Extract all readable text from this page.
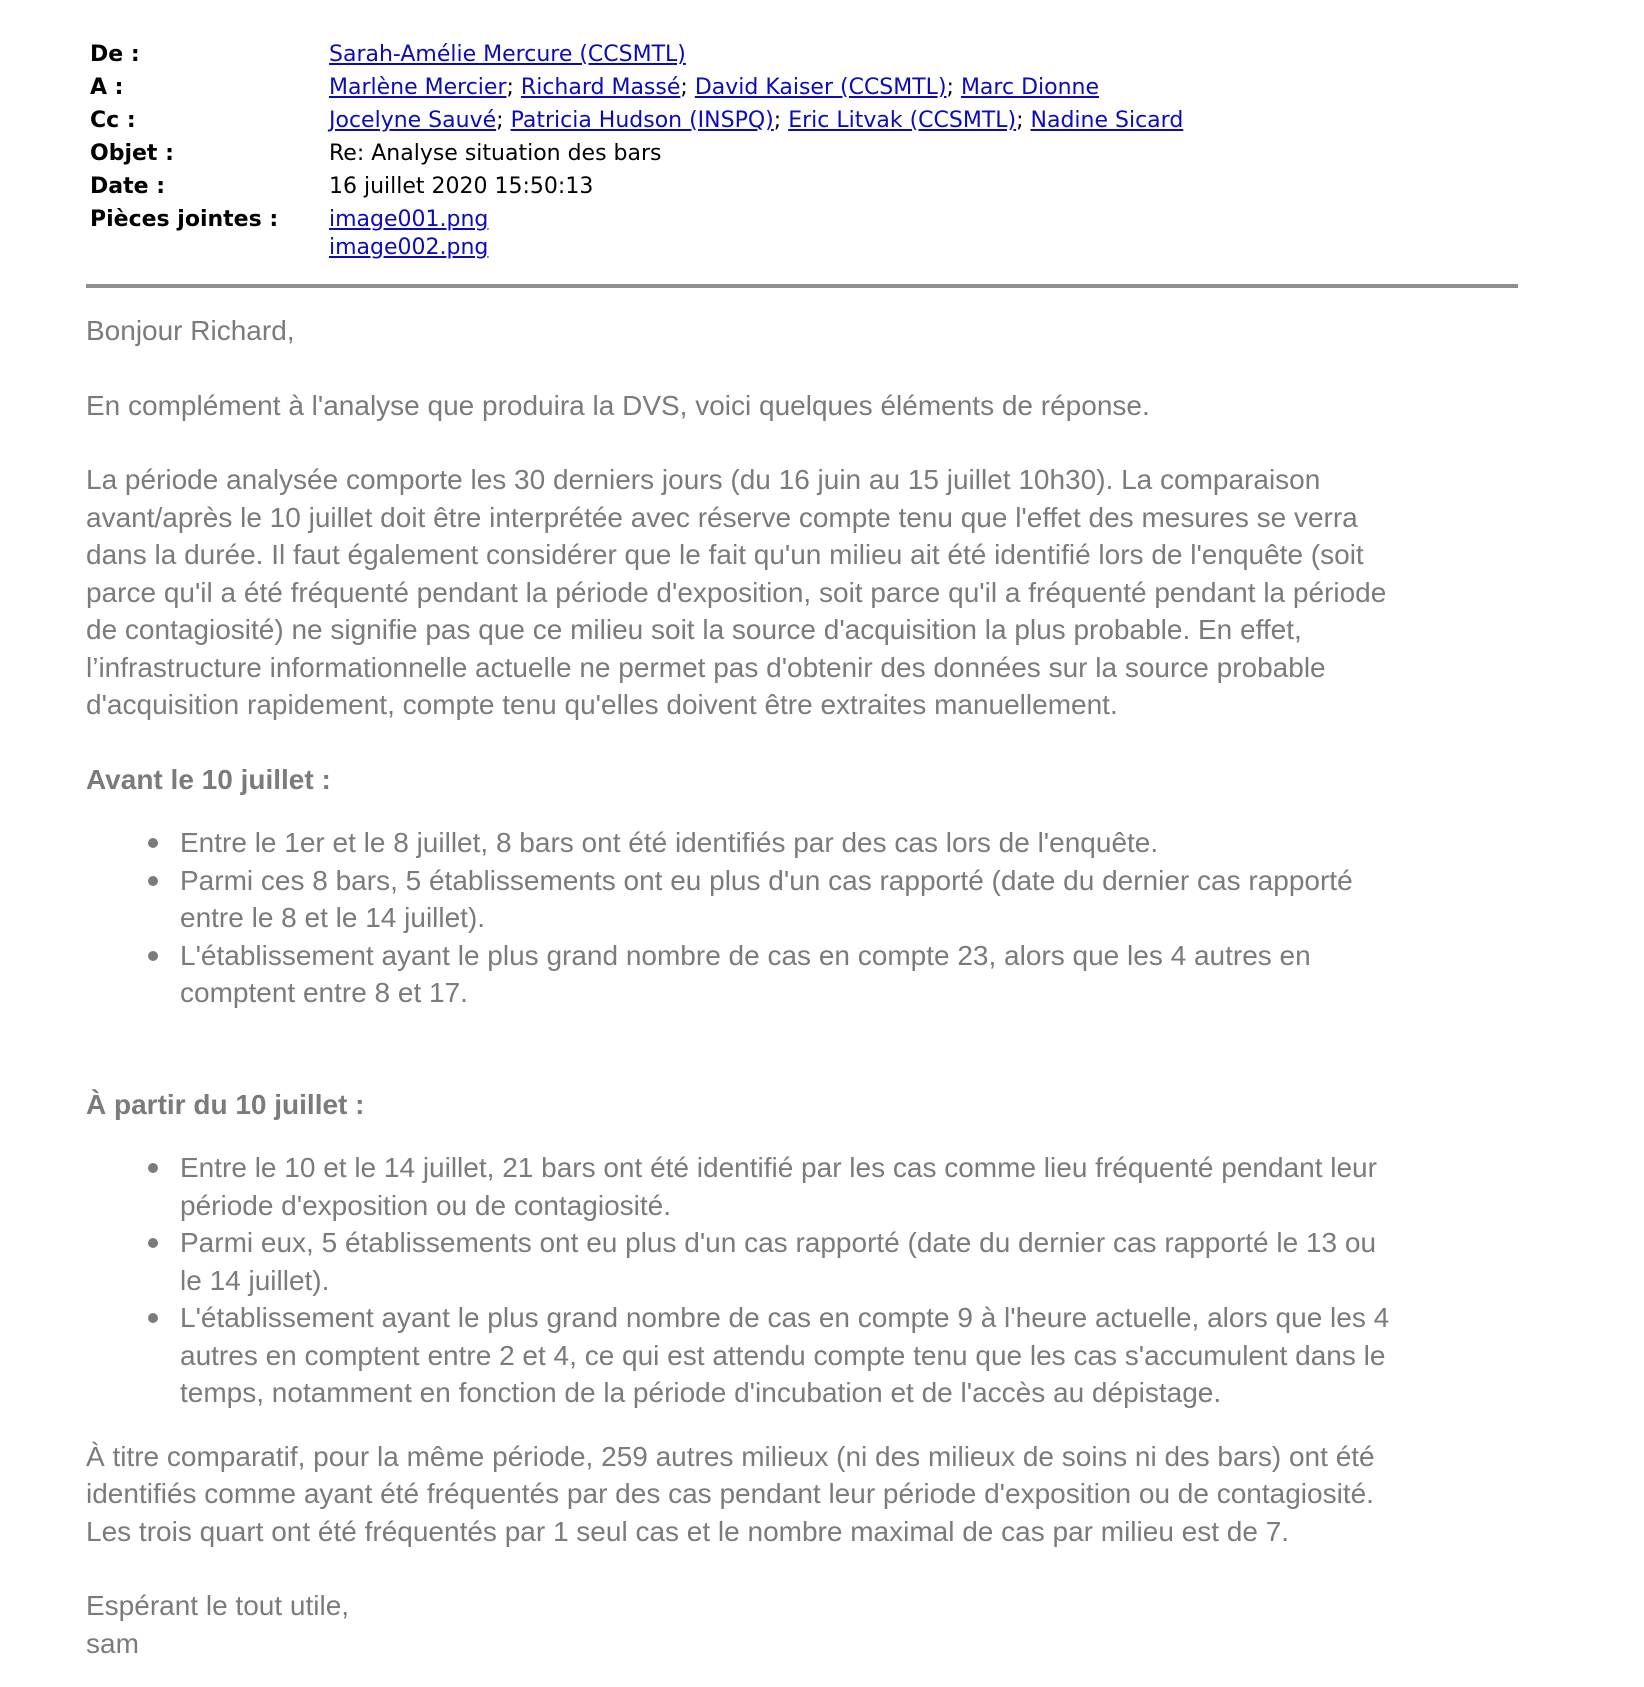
De :	Sarah-Amélie Mercure (CCSMTL)
A :	Marlène Mercier; Richard Massé; David Kaiser (CCSMTL); Marc Dionne
Cc :	Jocelyne Sauvé; Patricia Hudson (INSPQ); Eric Litvak (CCSMTL); Nadine Sicard
Objet :	Re: Analyse situation des bars
Date :	16 juillet 2020 15:50:13
Pièces jointes :	image001.png
image002.png

Bonjour Richard,

En complément à l'analyse que produira la DVS, voici quelques éléments de réponse.

La période analysée comporte les 30 derniers jours (du 16 juin au 15 juillet 10h30). La comparaison
avant/après le 10 juillet doit être interprétée avec réserve compte tenu que l'effet des mesures se verra
dans la durée. Il faut également considérer que le fait qu'un milieu ait été identifié lors de l'enquête (soit
parce qu'il a été fréquenté pendant la période d'exposition, soit parce qu'il a fréquenté pendant la période
de contagiosité) ne signifie pas que ce milieu soit la source d'acquisition la plus probable. En effet,
l’infrastructure informationnelle actuelle ne permet pas d'obtenir des données sur la source probable
d'acquisition rapidement, compte tenu qu'elles doivent être extraites manuellement.

Avant le 10 juillet :

Entre le 1er et le 8 juillet, 8 bars ont été identifiés par des cas lors de l'enquête.
Parmi ces 8 bars, 5 établissements ont eu plus d'un cas rapporté (date du dernier cas rapporté
entre le 8 et le 14 juillet).
L'établissement ayant le plus grand nombre de cas en compte 23, alors que les 4 autres en
comptent entre 8 et 17.

À partir du 10 juillet :

Entre le 10 et le 14 juillet, 21 bars ont été identifié par les cas comme lieu fréquenté pendant leur
période d'exposition ou de contagiosité.
Parmi eux, 5 établissements ont eu plus d'un cas rapporté (date du dernier cas rapporté le 13 ou
le 14 juillet).
L'établissement ayant le plus grand nombre de cas en compte 9 à l'heure actuelle, alors que les 4
autres en comptent entre 2 et 4, ce qui est attendu compte tenu que les cas s'accumulent dans le
temps, notamment en fonction de la période d'incubation et de l'accès au dépistage.
À titre comparatif, pour la même période, 259 autres milieux (ni des milieux de soins ni des bars) ont été
identifiés comme ayant été fréquentés par des cas pendant leur période d'exposition ou de contagiosité.
Les trois quart ont été fréquentés par 1 seul cas et le nombre maximal de cas par milieu est de 7.

Espérant le tout utile,

sam
